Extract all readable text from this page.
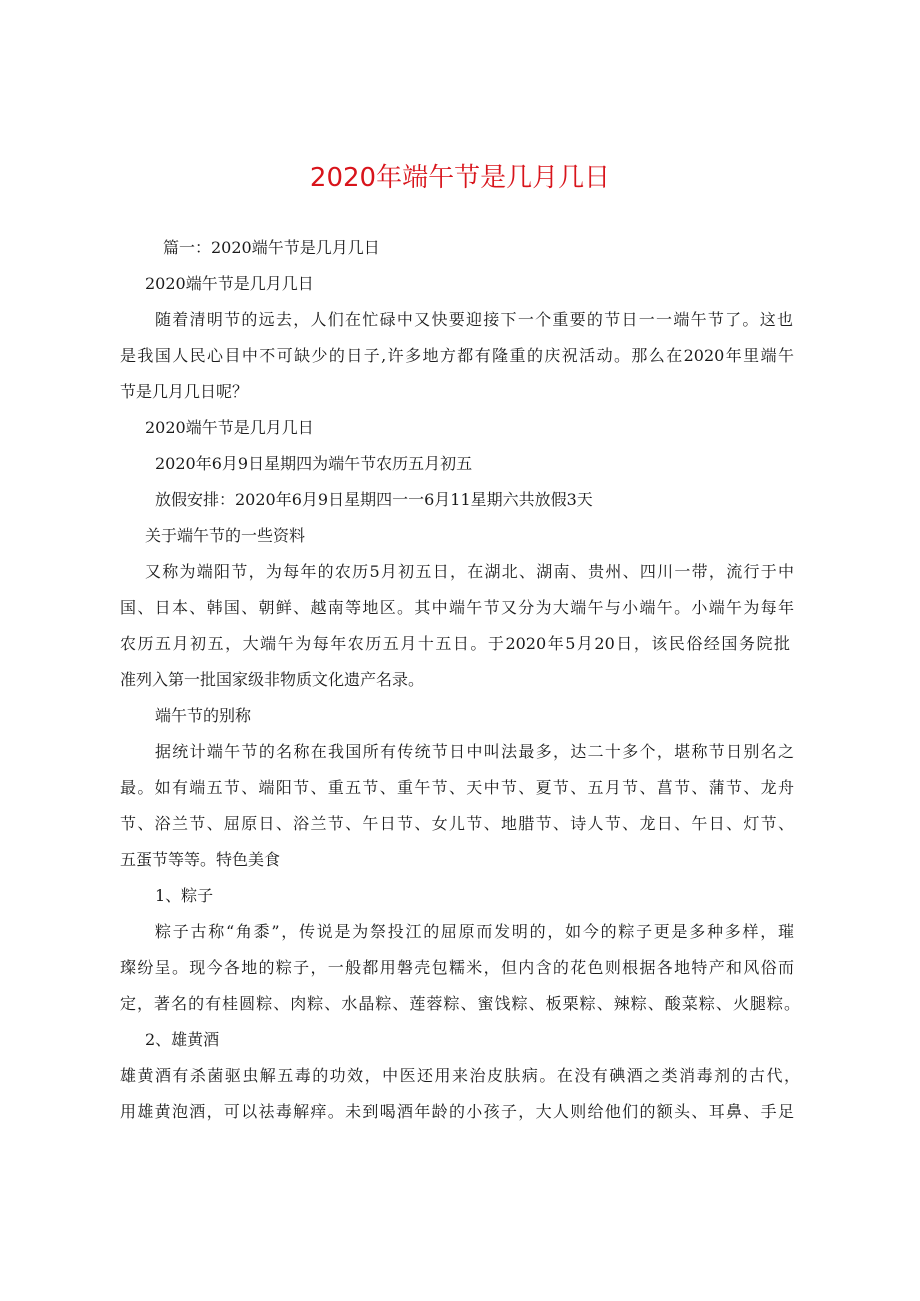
2020年端午节是几月几日
篇一：2020端午节是几月几日
2020端午节是几月几日
随着清明节的远去，人们在忙碌中又快要迎接下一个重要的节日一一端午节了。这也
是我国人民心目中不可缺少的日子,许多地方都有隆重的庆祝活动。那么在2020年里端午
节是几月几日呢？
2020端午节是几月几日
2020年6月9日星期四为端午节农历五月初五
放假安排：2020年6月9日星期四一一6月11星期六共放假3天
关于端午节的一些资料
又称为端阳节，为每年的农历5月初五日，在湖北、湖南、贵州、四川一带，流行于中
国、日本、韩国、朝鲜、越南等地区。其中端午节又分为大端午与小端午。小端午为每年
农历五月初五，大端午为每年农历五月十五日。于2020年5月20日，该民俗经国务院批
准列入第一批国家级非物质文化遗产名录。
端午节的别称
据统计端午节的名称在我国所有传统节日中叫法最多，达二十多个，堪称节日别名之
最。如有端五节、端阳节、重五节、重午节、天中节、夏节、五月节、菖节、蒲节、龙舟
节、浴兰节、屈原日、浴兰节、午日节、女儿节、地腊节、诗人节、龙日、午日、灯节、
五蛋节等等。特色美食
1、粽子
粽子古称“角黍”，传说是为祭投江的屈原而发明的，如今的粽子更是多种多样，璀
璨纷呈。现今各地的粽子，一般都用磐壳包糯米，但内含的花色则根据各地特产和风俗而
定，著名的有桂圆粽、肉粽、水晶粽、莲蓉粽、蜜饯粽、板栗粽、辣粽、酸菜粽、火腿粽。
2、雄黄酒
雄黄酒有杀菌驱虫解五毒的功效，中医还用来治皮肤病。在没有碘酒之类消毒剂的古代，
用雄黄泡酒，可以祛毒解痒。未到喝酒年龄的小孩子，大人则给他们的额头、耳鼻、手足
